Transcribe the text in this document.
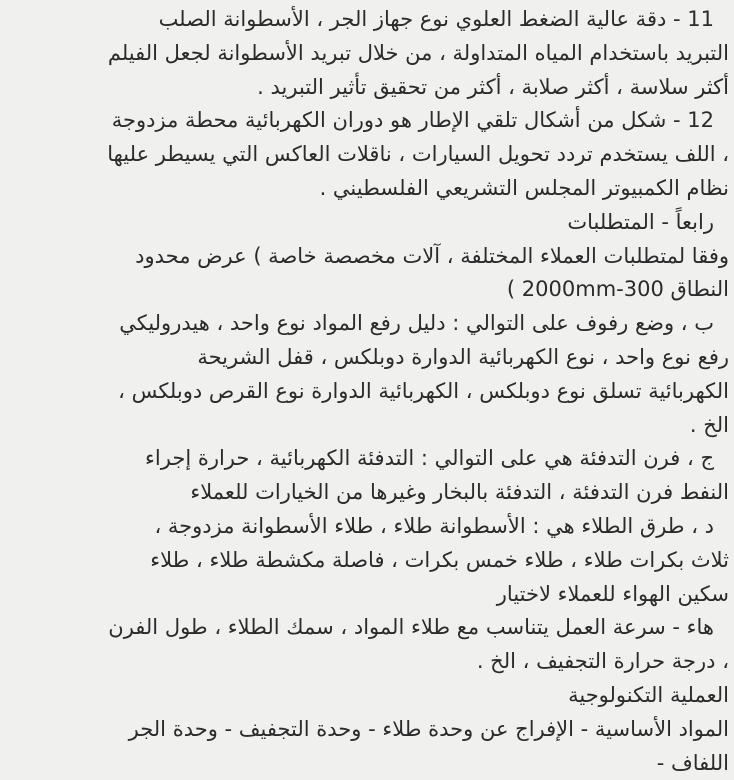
11 - دقة عالية الضغط العلوي نوع جهاز الجر ، الأسطوانة الصلب
التبريد باستخدام المياه المتداولة ، من خلال تبريد الأسطوانة لجعل الفيلم
أكثر سلاسة ، أكثر صلابة ، أكثر من تحقيق تأثير التبريد .
12 - شكل من أشكال تلقي الإطار هو دوران الكهربائية محطة مزدوجة
، اللف يستخدم تردد تحويل السيارات ، ناقلات العاكس التي يسيطر عليها
نظام الكمبيوتر المجلس التشريعي الفلسطيني .
رابعاً - المتطلبات
وفقا لمتطلبات العملاء المختلفة ، آلات مخصصة خاصة ) عرض محدود
النطاق 300‐2000mm )
ب ، وضع رفوف على التوالي : دليل رفع المواد نوع واحد ، هيدروليكي
رفع نوع واحد ، نوع الكهربائية الدوارة دوبلكس ، قفل الشريحة
الكهربائية تسلق نوع دوبلكس ، الكهربائية الدوارة نوع القرص دوبلكس ،
الخ .
ج ، فرن التدفئة هي على التوالي : التدفئة الكهربائية ، حرارة إجراء
النفط فرن التدفئة ، التدفئة بالبخار وغيرها من الخيارات للعملاء
د ، طرق الطلاء هي : الأسطوانة طلاء ، طلاء الأسطوانة مزدوجة ،
ثلاث بكرات طلاء ، طلاء خمس بكرات ، فاصلة مكشطة طلاء ، طلاء
سكين الهواء للعملاء لاختيار
هاء - سرعة العمل يتناسب مع طلاء المواد ، سمك الطلاء ، طول الفرن
، درجة حرارة التجفيف ، الخ .
العملية التكنولوجية
المواد الأساسية - الإفراج عن وحدة طلاء - وحدة التجفيف - وحدة الجر
اللفاف -
